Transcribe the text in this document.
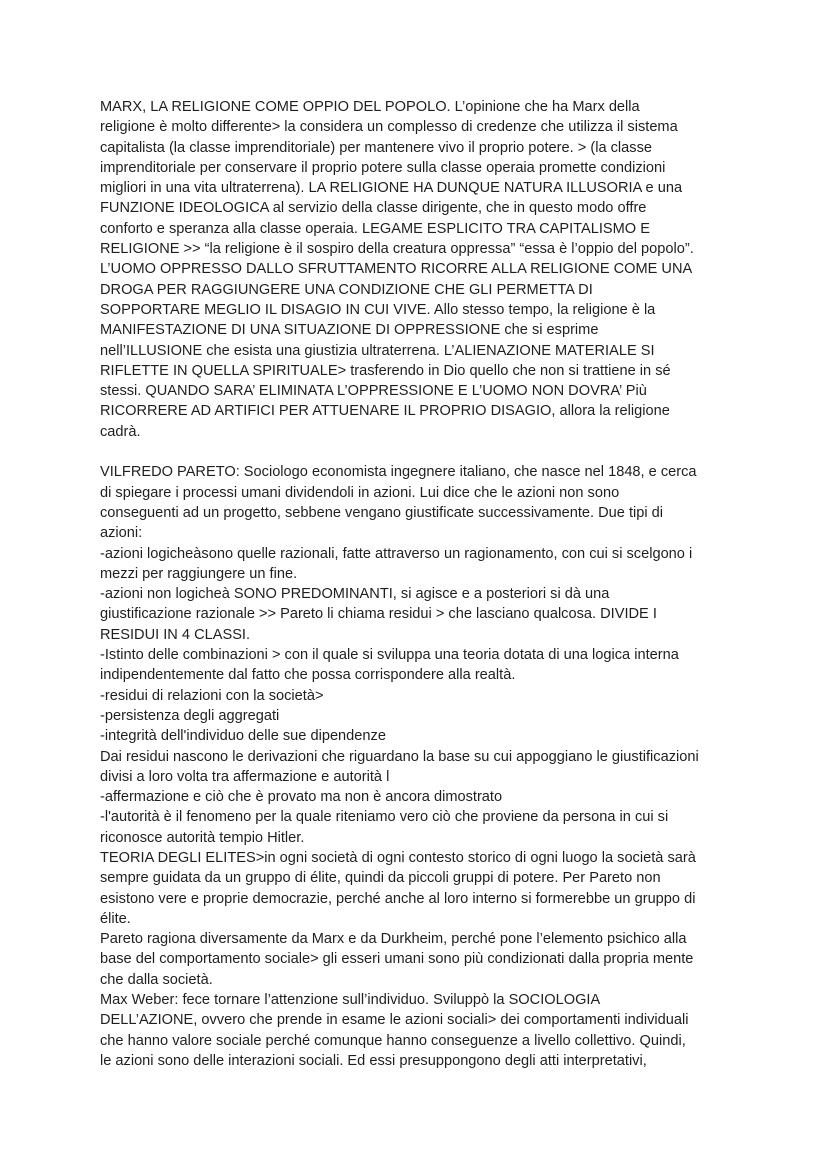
MARX, LA RELIGIONE COME OPPIO DEL POPOLO. L’opinione che ha Marx della

religione è molto differente> la considera un complesso di credenze che utilizza il sistema

capitalista (la classe imprenditoriale) per mantenere vivo il proprio potere. > (la classe

imprenditoriale per conservare il proprio potere sulla classe operaia promette condizioni

migliori in una vita ultraterrena). LA RELIGIONE HA DUNQUE NATURA ILLUSORIA e una

FUNZIONE IDEOLOGICA al servizio della classe dirigente, che in questo modo offre

conforto e speranza alla classe operaia. LEGAME ESPLICITO TRA CAPITALISMO E

RELIGIONE >> “la religione è il sospiro della creatura oppressa” “essa è l’oppio del popolo”.

L’UOMO OPPRESSO DALLO SFRUTTAMENTO RICORRE ALLA RELIGIONE COME UNA

DROGA PER RAGGIUNGERE UNA CONDIZIONE CHE GLI PERMETTA DI

SOPPORTARE MEGLIO IL DISAGIO IN CUI VIVE. Allo stesso tempo, la religione è la

MANIFESTAZIONE DI UNA SITUAZIONE DI OPPRESSIONE che si esprime

nell’ILLUSIONE che esista una giustizia ultraterrena. L’ALIENAZIONE MATERIALE SI

RIFLETTE IN QUELLA SPIRITUALE> trasferendo in Dio quello che non si trattiene in sé

stessi. QUANDO SARA’ ELIMINATA L’OPPRESSIONE E L’UOMO NON DOVRA’ Più

RICORRERE AD ARTIFICI PER ATTUENARE IL PROPRIO DISAGIO, allora la religione

cadrà.

VILFREDO PARETO: Sociologo economista ingegnere italiano, che nasce nel 1848, e cerca

di spiegare i processi umani dividendoli in azioni. Lui dice che le azioni non sono

conseguenti ad un progetto, sebbene vengano giustificate successivamente. Due tipi di

azioni:

-azioni logicheàsono quelle razionali, fatte attraverso un ragionamento, con cui si scelgono i

mezzi per raggiungere un fine.

-azioni non logicheà SONO PREDOMINANTI, si agisce e a posteriori si dà una

giustificazione razionale >> Pareto li chiama residui > che lasciano qualcosa. DIVIDE I

RESIDUI IN 4 CLASSI.

-Istinto delle combinazioni > con il quale si sviluppa una teoria dotata di una logica interna

indipendentemente dal fatto che possa corrispondere alla realtà.

-residui di relazioni con la società>

-persistenza degli aggregati

-integrità dell'individuo delle sue dipendenze

Dai residui nascono le derivazioni che riguardano la base su cui appoggiano le giustificazioni

divisi a loro volta tra affermazione e autorità l

-affermazione e ciò che è provato ma non è ancora dimostrato

-l'autorità è il fenomeno per la quale riteniamo vero ciò che proviene da persona in cui si

riconosce autorità tempio Hitler.

TEORIA DEGLI ELITES>in ogni società di ogni contesto storico di ogni luogo la società sarà

sempre guidata da un gruppo di élite, quindi da piccoli gruppi di potere. Per Pareto non

esistono vere e proprie democrazie, perché anche al loro interno si formerebbe un gruppo di

élite.

Pareto ragiona diversamente da Marx e da Durkheim, perché pone l’elemento psichico alla

base del comportamento sociale> gli esseri umani sono più condizionati dalla propria mente

che dalla società.

Max Weber: fece tornare l’attenzione sull’individuo. Sviluppò la SOCIOLOGIA

DELL’AZIONE, ovvero che prende in esame le azioni sociali> dei comportamenti individuali

che hanno valore sociale perché comunque hanno conseguenze a livello collettivo. Quindi,

le azioni sono delle interazioni sociali. Ed essi presuppongono degli atti interpretativi,
